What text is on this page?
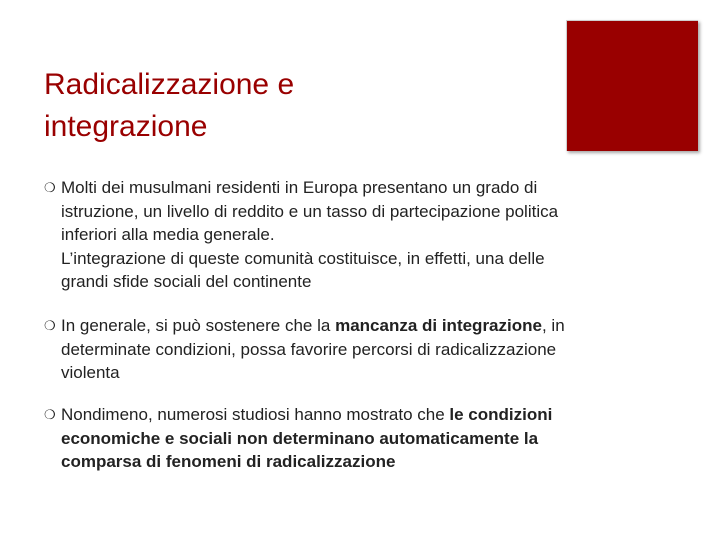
Radicalizzazione e
integrazione
❍ Molti dei musulmani residenti in Europa presentano un grado di
istruzione, un livello di reddito e un tasso di partecipazione politica
inferiori alla media generale.
L’integrazione di queste comunità costituisce, in effetti, una delle
grandi sfide sociali del continente
❍ In generale, si può sostenere che la mancanza di integrazione, in
determinate condizioni, possa favorire percorsi di radicalizzazione
violenta
❍ Nondimeno, numerosi studiosi hanno mostrato che le condizioni
economiche e sociali non determinano automaticamente la
comparsa di fenomeni di radicalizzazione
